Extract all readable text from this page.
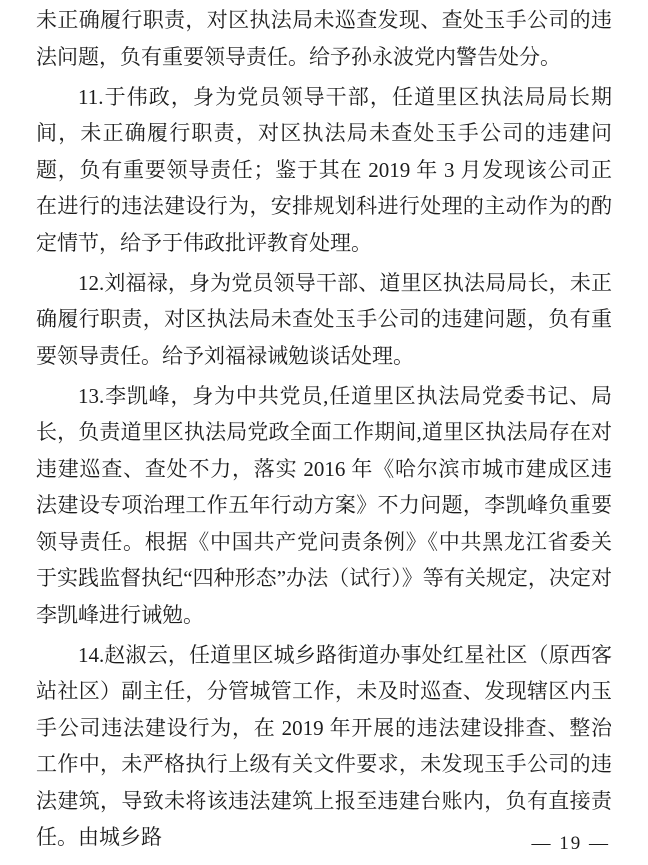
未正确履行职责，对区执法局未巡查发现、查处玉手公司的违法问题，负有重要领导责任。给予孙永波党内警告处分。

11.于伟政，身为党员领导干部，任道里区执法局局长期间，未正确履行职责，对区执法局未查处玉手公司的违建问题，负有重要领导责任；鉴于其在 2019 年 3 月发现该公司正在进行的违法建设行为，安排规划科进行处理的主动作为的酌定情节，给予于伟政批评教育处理。

12.刘福禄，身为党员领导干部、道里区执法局局长，未正确履行职责，对区执法局未查处玉手公司的违建问题，负有重要领导责任。给予刘福禄诫勉谈话处理。

13.李凯峰，身为中共党员,任道里区执法局党委书记、局长，负责道里区执法局党政全面工作期间,道里区执法局存在对违建巡查、查处不力，落实 2016 年《哈尔滨市城市建成区违法建设专项治理工作五年行动方案》不力问题，李凯峰负重要领导责任。根据《中国共产党问责条例》《中共黑龙江省委关于实践监督执纪“四种形态”办法（试行）》等有关规定，决定对李凯峰进行诫勉。

14.赵淑云，任道里区城乡路街道办事处红星社区（原西客站社区）副主任，分管城管工作，未及时巡查、发现辖区内玉手公司违法建设行为，在 2019 年开展的违法建设排查、整治工作中，未严格执行上级有关文件要求，未发现玉手公司的违法建筑，导致未将该违法建筑上报至违建台账内，负有直接责任。由城乡路	— 19 —
